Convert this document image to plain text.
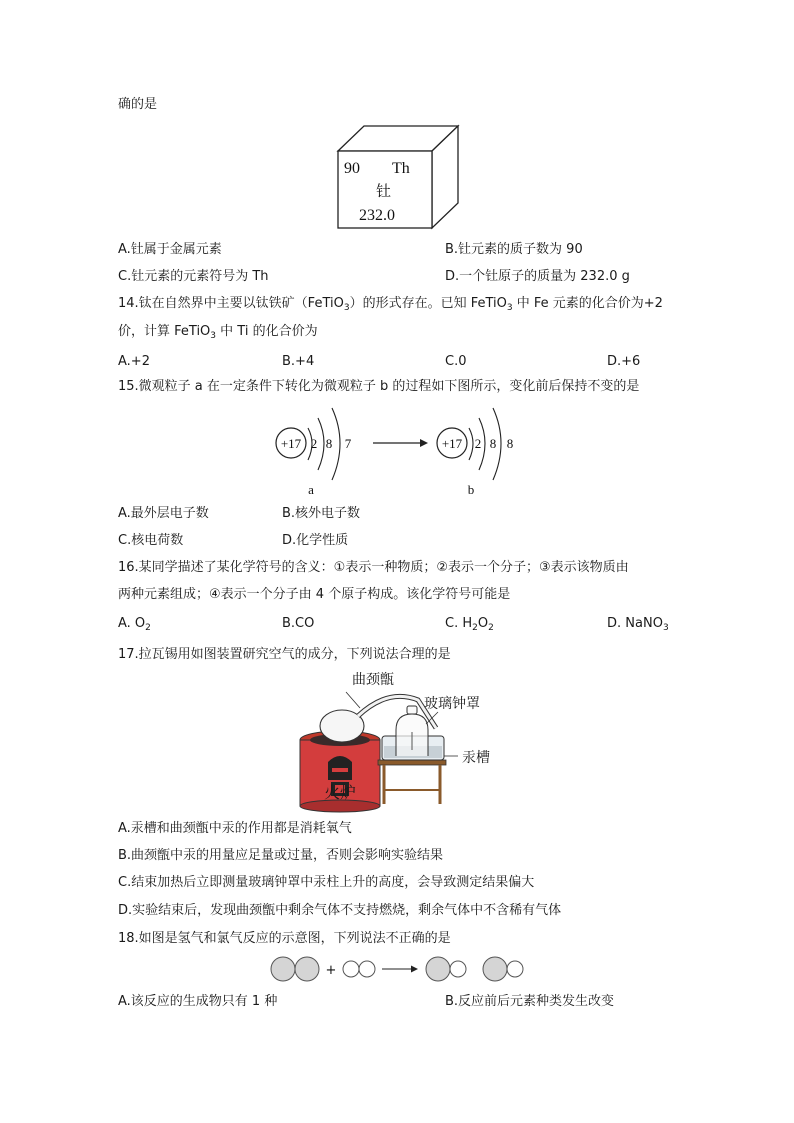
确的是
90 Th
钍
232.0
A.钍属于金属元素	B.钍元素的质子数为 90
C.钍元素的元素符号为 Th	D.一个钍原子的质量为 232.0 g
14.钛在自然界中主要以钛铁矿（FeTiO$_3$）的形式存在。已知 FeTiO$_3$ 中 Fe 元素的化合价为+2
价，计算 FeTiO$_3$ 中 Ti 的化合价为
A.+2	B.+4	C.0	D.+6
15.微观粒子 a 在一定条件下转化为微观粒子 b 的过程如下图所示，变化前后保持不变的是
+17 2 8 7
a
+17 2 8 8
b
A.最外层电子数	B.核外电子数
C.核电荷数	D.化学性质
16.某同学描述了某化学符号的含义：①表示一种物质；②表示一个分子；③表示该物质由
两种元素组成；④表示一个分子由 4 个原子构成。该化学符号可能是
A. $O_2$	B.CO	C. $H_2O_2$	D. NaNO$_3$
17.拉瓦锡用如图装置研究空气的成分，下列说法合理的是
火炉
曲颈甑
玻璃钟罩
汞槽
A.汞槽和曲颈甑中汞的作用都是消耗氧气
B.曲颈甑中汞的用量应足量或过量，否则会影响实验结果
C.结束加热后立即测量玻璃钟罩中汞柱上升的高度，会导致测定结果偏大
D.实验结束后，发现曲颈甑中剩余气体不支持燃烧，剩余气体中不含稀有气体
18.如图是氢气和氯气反应的示意图，下列说法不正确的是
+
A.该反应的生成物只有 1 种	B.反应前后元素种类发生改变
